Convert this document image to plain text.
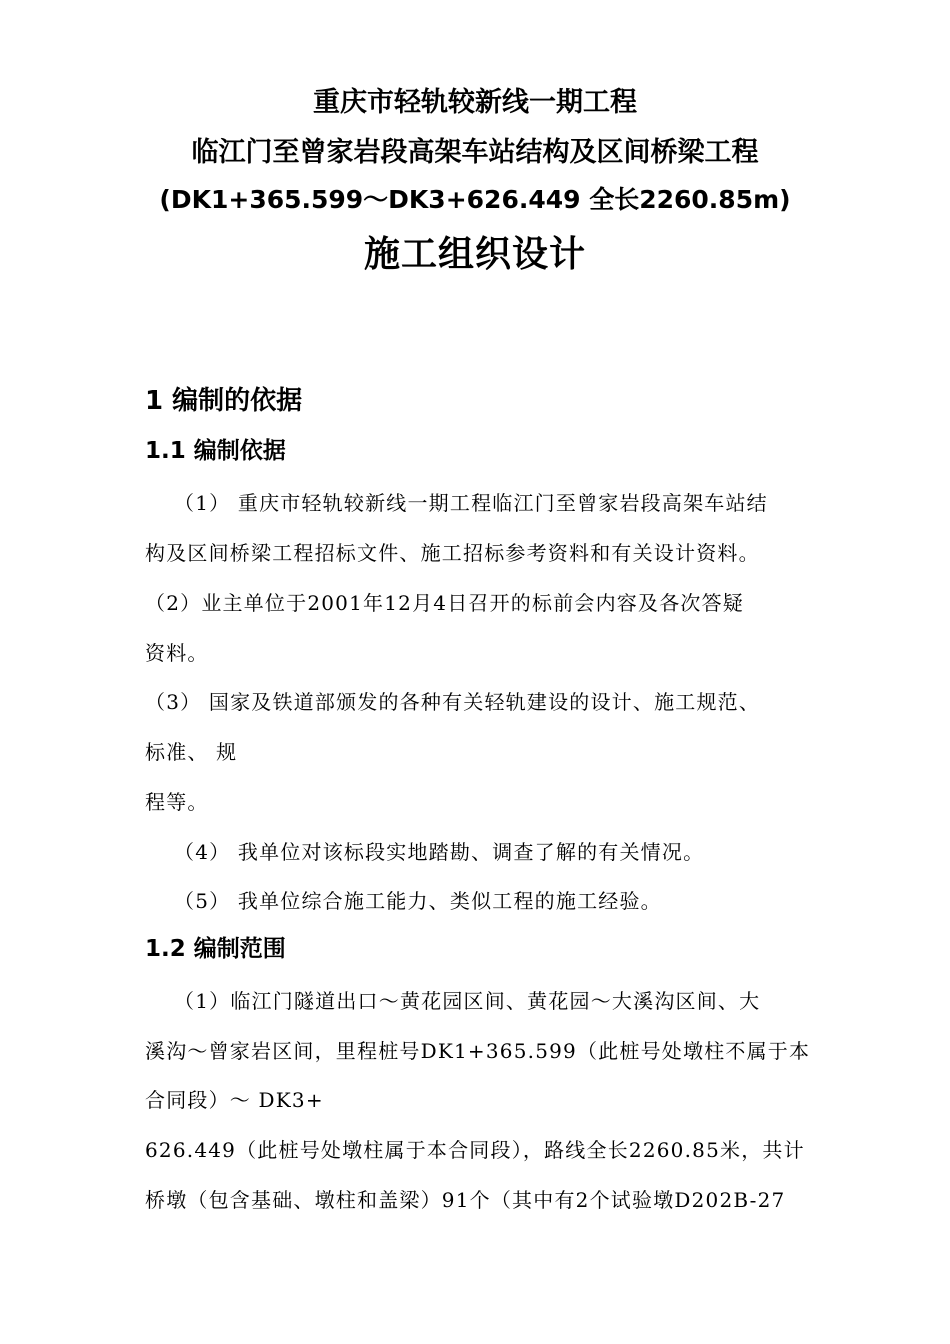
重庆市轻轨较新线一期工程
临江门至曾家岩段高架车站结构及区间桥梁工程
(DK1+365.599～DK3+626.449 全长2260.85m)
施工组织设计
1 编制的依据
1.1 编制依据

（1） 重庆市轻轨较新线一期工程临江门至曾家岩段高架车站结

构及区间桥梁工程招标文件、施工招标参考资料和有关设计资料。

（2）业主单位于2001年12月4日召开的标前会内容及各次答疑

资料。

（3） 国家及铁道部颁发的各种有关轻轨建设的设计、施工规范、

标准、 规

程等。

（4） 我单位对该标段实地踏勘、调查了解的有关情况。

（5） 我单位综合施工能力、类似工程的施工经验。

1.2 编制范围

（1）临江门隧道出口～黄花园区间、黄花园～大溪沟区间、大

溪沟～曾家岩区间，里程桩号DK1+365.599（此桩号处墩柱不属于本

合同段）～ DK3+

626.449（此桩号处墩柱属于本合同段），路线全长2260.85米，共计

桥墩（包含基础、墩柱和盖梁）91个（其中有2个试验墩D202B-27
